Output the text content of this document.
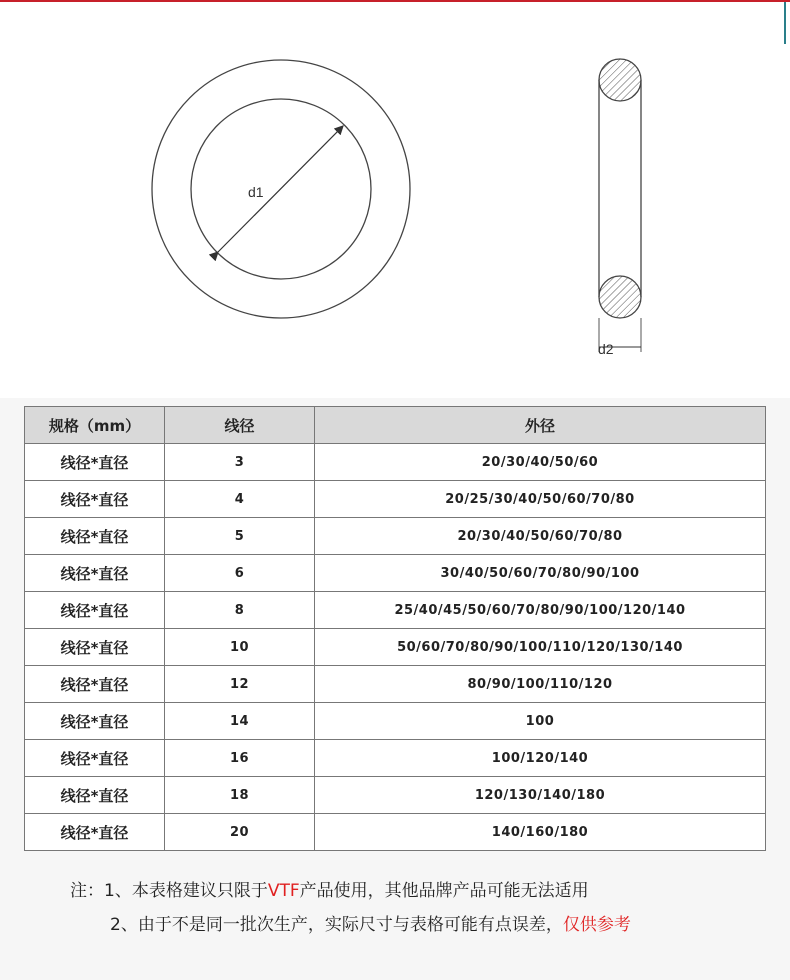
d1
d2
规格（mm）	线径	外径
线径*直径	3	20/30/40/50/60
线径*直径	4	20/25/30/40/50/60/70/80
线径*直径	5	20/30/40/50/60/70/80
线径*直径	6	30/40/50/60/70/80/90/100
线径*直径	8	25/40/45/50/60/70/80/90/100/120/140
线径*直径	10	50/60/70/80/90/100/110/120/130/140
线径*直径	12	80/90/100/110/120
线径*直径	14	100
线径*直径	16	100/120/140
线径*直径	18	120/130/140/180
线径*直径	20	140/160/180
注：1、本表格建议只限于VTF产品使用，其他品牌产品可能无法适用
2、由于不是同一批次生产，实际尺寸与表格可能有点误差，仅供参考
